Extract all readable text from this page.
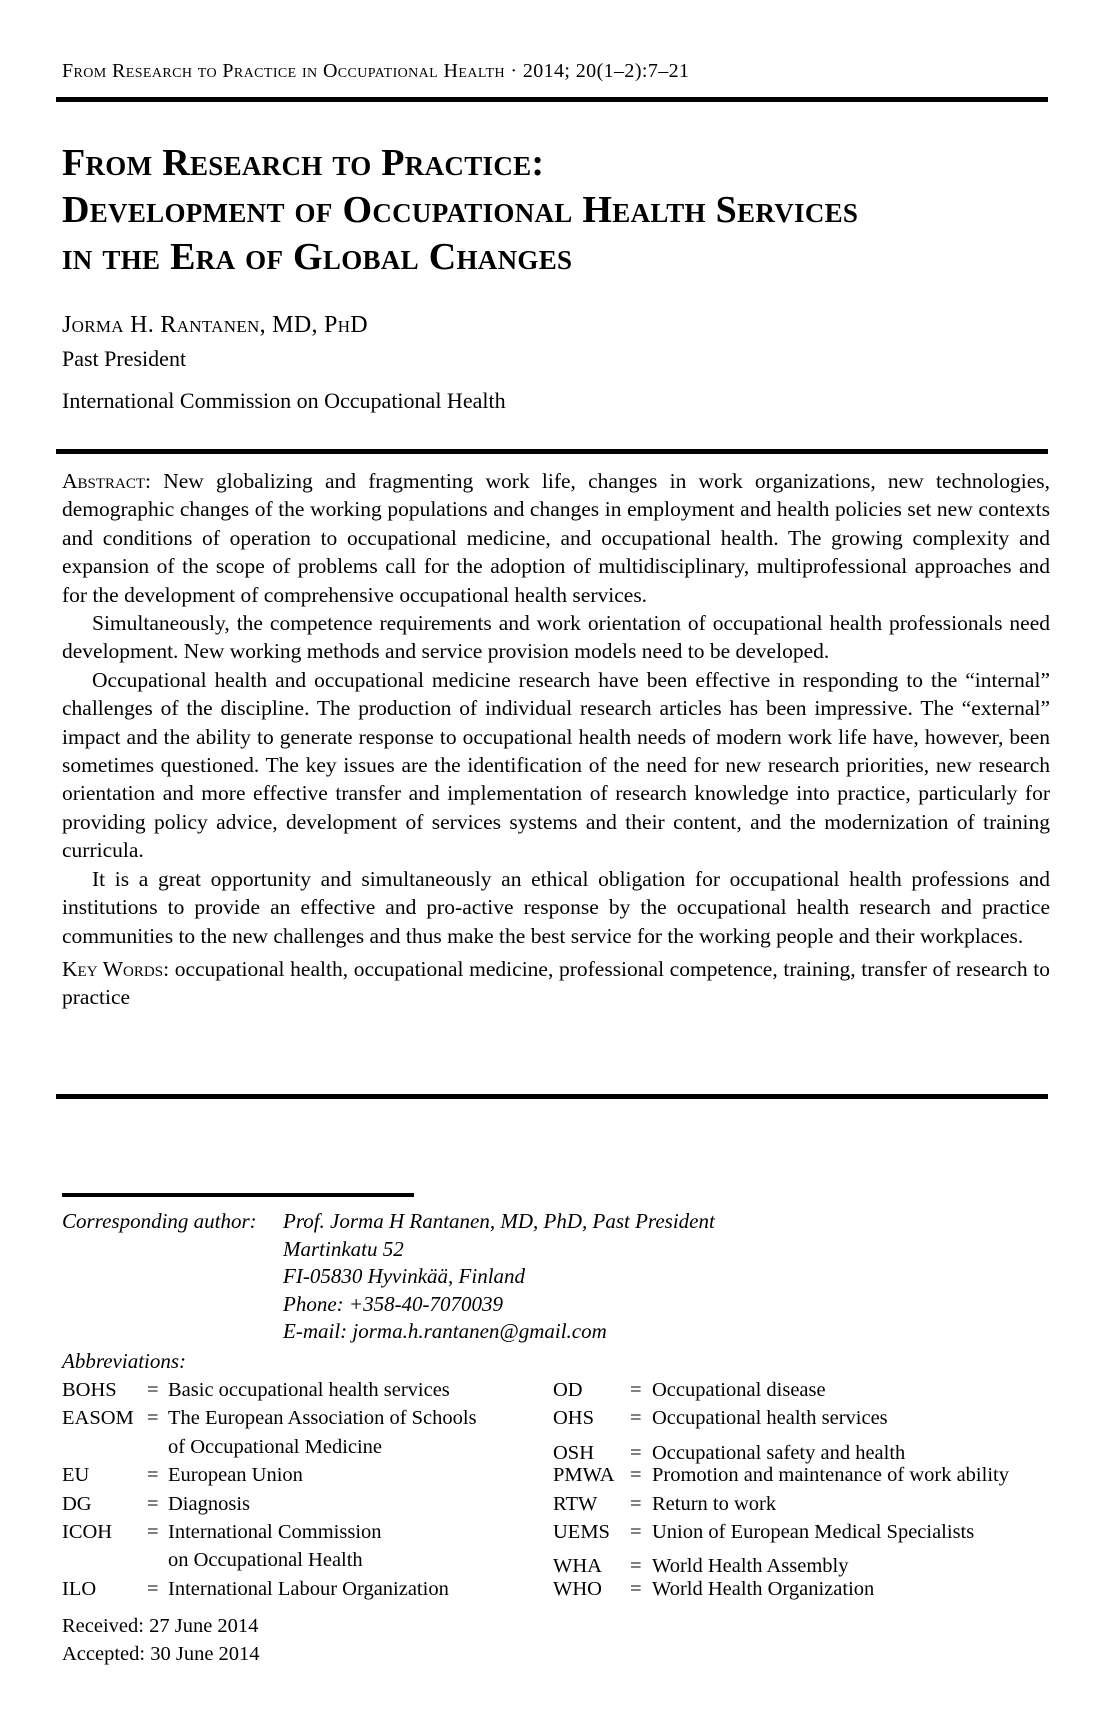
From Research to Practice in Occupational Health · 2014; 20(1–2):7–21
From Research to Practice:
Development of Occupational Health Services
in the Era of Global Changes
Jorma H. Rantanen, MD, PhD
Past President
International Commission on Occupational Health

Abstract: New globalizing and fragmenting work life, changes in work organizations, new technologies, demographic changes of the working populations and changes in employment and health policies set new contexts and conditions of operation to occupational medicine, and occupational health. The growing complexity and expansion of the scope of problems call for the adoption of multidisciplinary, multiprofessional approaches and for the development of comprehensive occupational health services.

Simultaneously, the competence requirements and work orientation of occupational health professionals need development. New working methods and service provision models need to be developed.

Occupational health and occupational medicine research have been effective in responding to the “internal” challenges of the discipline. The production of individual research articles has been impressive. The “external” impact and the ability to generate response to occupational health needs of modern work life have, however, been sometimes questioned. The key issues are the identification of the need for new research priorities, new research orientation and more effective transfer and implementation of research knowledge into practice, particularly for providing policy advice, development of services systems and their content, and the modernization of training curricula.

It is a great opportunity and simultaneously an ethical obligation for occupational health professions and institutions to provide an effective and pro-active response by the occupational health research and practice communities to the new challenges and thus make the best service for the working people and their workplaces.

Key Words: occupational health, occupational medicine, professional competence, training, transfer of research to practice

Corresponding author:	Prof. Jorma H Rantanen, MD, PhD, Past President
Martinkatu 52
FI-05830 Hyvinkää, Finland
Phone: +358-40-7070039
E-mail: jorma.h.rantanen@gmail.com
Abbreviations:
BOHS	= Basic occupational health services	OD	= Occupational disease
EASOM = The European Association of Schools	OHS	= Occupational health services
of Occupational Medicine	OSH	= Occupational safety and health
EU	= European Union	PMWA = Promotion and maintenance of work ability
DG	= Diagnosis	RTW	= Return to work
ICOH	= International Commission	UEMS = Union of European Medical Specialists
on Occupational Health	WHA	= World Health Assembly
ILO	= International Labour Organization	WHO	= World Health Organization
Received: 27 June 2014
Accepted: 30 June 2014
